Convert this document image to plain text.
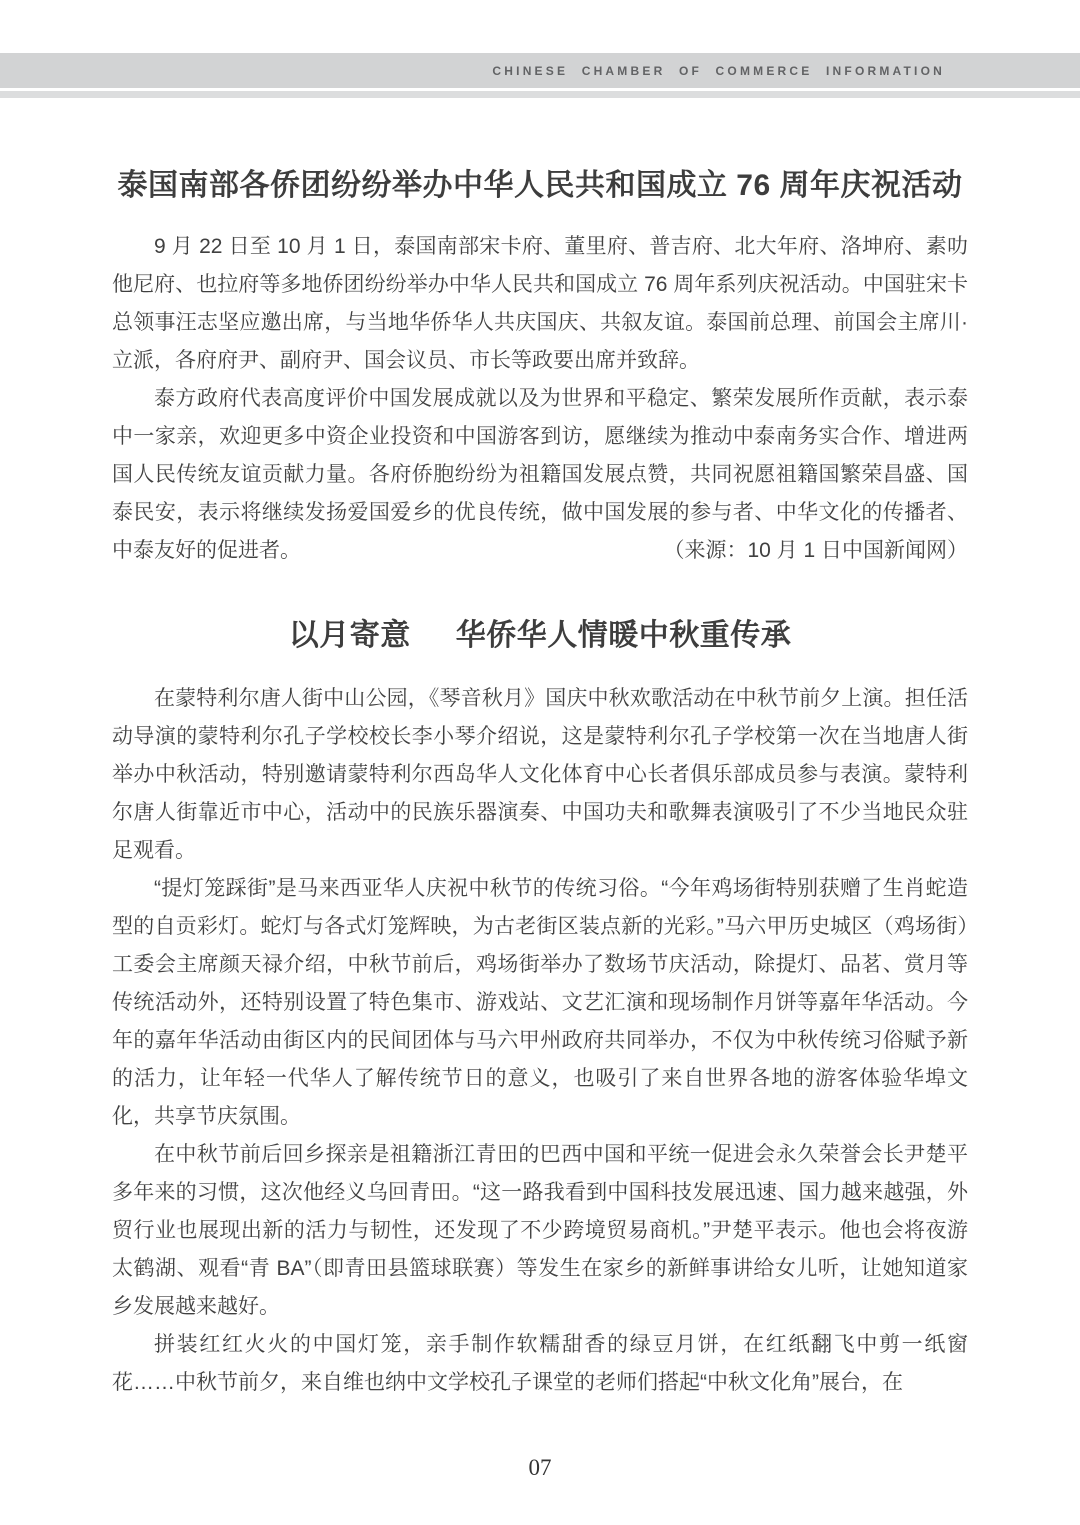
CHINESE CHAMBER OF COMMERCE INFORMATION
泰国南部各侨团纷纷举办中华人民共和国成立 76 周年庆祝活动

9 月 22 日至 10 月 1 日，泰国南部宋卡府、董里府、普吉府、北大年府、洛坤府、素叻他尼府、也拉府等多地侨团纷纷举办中华人民共和国成立 76 周年系列庆祝活动。中国驻宋卡总领事汪志坚应邀出席，与当地华侨华人共庆国庆、共叙友谊。泰国前总理、前国会主席川·立派，各府府尹、副府尹、国会议员、市长等政要出席并致辞。

泰方政府代表高度评价中国发展成就以及为世界和平稳定、繁荣发展所作贡献，表示泰中一家亲，欢迎更多中资企业投资和中国游客到访，愿继续为推动中泰南务实合作、增进两国人民传统友谊贡献力量。各府侨胞纷纷为祖籍国发展点赞，共同祝愿祖籍国繁荣昌盛、国泰民安，表示将继续发扬爱国爱乡的优良传统，做中国发展的参与者、中华文化的传播者、中泰友好的促进者。	（来源：10 月 1 日中国新闻网）

以月寄意 华侨华人情暖中秋重传承

在蒙特利尔唐人街中山公园，《琴音秋月》国庆中秋欢歌活动在中秋节前夕上演。担任活动导演的蒙特利尔孔子学校校长李小琴介绍说，这是蒙特利尔孔子学校第一次在当地唐人街举办中秋活动，特别邀请蒙特利尔西岛华人文化体育中心长者俱乐部成员参与表演。蒙特利尔唐人街靠近市中心，活动中的民族乐器演奏、中国功夫和歌舞表演吸引了不少当地民众驻足观看。

“提灯笼踩街”是马来西亚华人庆祝中秋节的传统习俗。“今年鸡场街特别获赠了生肖蛇造型的自贡彩灯。蛇灯与各式灯笼辉映，为古老街区装点新的光彩。”马六甲历史城区（鸡场街）工委会主席颜天禄介绍，中秋节前后，鸡场街举办了数场节庆活动，除提灯、品茗、赏月等传统活动外，还特别设置了特色集市、游戏站、文艺汇演和现场制作月饼等嘉年华活动。今年的嘉年华活动由街区内的民间团体与马六甲州政府共同举办，不仅为中秋传统习俗赋予新的活力，让年轻一代华人了解传统节日的意义，也吸引了来自世界各地的游客体验华埠文化，共享节庆氛围。

在中秋节前后回乡探亲是祖籍浙江青田的巴西中国和平统一促进会永久荣誉会长尹楚平多年来的习惯，这次他经义乌回青田。“这一路我看到中国科技发展迅速、国力越来越强，外贸行业也展现出新的活力与韧性，还发现了不少跨境贸易商机。”尹楚平表示。他也会将夜游太鹤湖、观看“青 BA”（即青田县篮球联赛）等发生在家乡的新鲜事讲给女儿听，让她知道家乡发展越来越好。

拼装红红火火的中国灯笼，亲手制作软糯甜香的绿豆月饼，在红纸翻飞中剪一纸窗花……中秋节前夕，来自维也纳中文学校孔子课堂的老师们搭起“中秋文化角”展台，在

07
